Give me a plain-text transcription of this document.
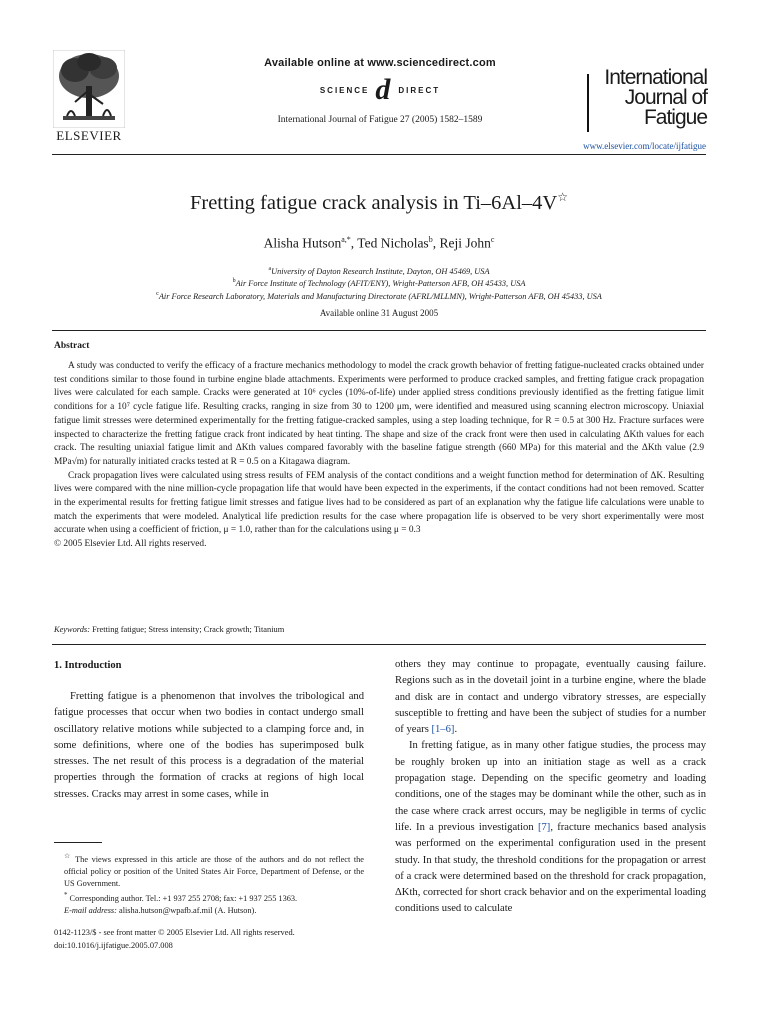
ELSEVIER
Available online at www.sciencedirect.com
SCIENCE d DIRECT
International Journal of Fatigue 27 (2005) 1582–1589
International
Journal of
Fatigue
www.elsevier.com/locate/ijfatigue
Fretting fatigue crack analysis in Ti–6Al–4V☆
Alisha Hutson$^{a,*}$, Ted Nicholas$^b$, Reji John$^c$
$^a$University of Dayton Research Institute, Dayton, OH 45469, USA
$^b$Air Force Institute of Technology (AFIT/ENY), Wright-Patterson AFB, OH 45433, USA
$^c$Air Force Research Laboratory, Materials and Manufacturing Directorate (AFRL/MLLMN), Wright-Patterson AFB, OH 45433, USA
Available online 31 August 2005
Abstract

A study was conducted to verify the efficacy of a fracture mechanics methodology to model the crack growth behavior of fretting fatigue-nucleated cracks obtained under test conditions similar to those found in turbine engine blade attachments. Experiments were performed to produce cracked samples, and fretting fatigue crack propagation lives were calculated for each sample. Cracks were generated at 10⁶ cycles (10%-of-life) under applied stress conditions previously identified as the fretting fatigue limit conditions for a 10⁷ cycle fatigue life. Resulting cracks, ranging in size from 30 to 1200 μm, were identified and measured using scanning electron microscopy. Uniaxial fatigue limit stresses were determined experimentally for the fretting fatigue-cracked samples, using a step loading technique, for R = 0.5 at 300 Hz. Fracture surfaces were inspected to characterize the fretting fatigue crack front indicated by heat tinting. The shape and size of the crack front were then used in calculating ΔKth values for each crack. The resulting uniaxial fatigue limit and ΔKth values compared favorably with the baseline fatigue strength (660 MPa) for this material and the ΔKth value (2.9 MPa√m) for naturally initiated cracks tested at R = 0.5 on a Kitagawa diagram.

Crack propagation lives were calculated using stress results of FEM analysis of the contact conditions and a weight function method for determination of ΔK. Resulting lives were compared with the nine million-cycle propagation life that would have been expected in the experiments, if the contact conditions had not been removed. Scatter in the experimental results for fretting fatigue limit stresses and fatigue lives had to be considered as part of an explanation why the fatigue life calculations were unable to match the experiments that were modeled. Analytical life prediction results for the case where propagation life is observed to be very short experimentally were most accurate when using a coefficient of friction, μ = 1.0, rather than for the calculations using μ = 0.3

© 2005 Elsevier Ltd. All rights reserved.

Keywords: Fretting fatigue; Stress intensity; Crack growth; Titanium
1. Introduction

Fretting fatigue is a phenomenon that involves the tribological and fatigue processes that occur when two bodies in contact undergo small oscillatory relative motions while subjected to a clamping force and, in some definitions, where one of the bodies has superimposed bulk stresses. The net result of this process is a degradation of the material properties through the formation of cracks at regions of high local stresses. Cracks may arrest in some cases, while in

others they may continue to propagate, eventually causing failure. Regions such as in the dovetail joint in a turbine engine, where the blade and disk are in contact and undergo vibratory stresses, are especially susceptible to fretting and have been the subject of studies for a number of years [1–6].

In fretting fatigue, as in many other fatigue studies, the process may be roughly broken up into an initiation stage as well as a crack propagation stage. Depending on the specific geometry and loading conditions, one of the stages may be dominant while the other, such as in the case where crack arrest occurs, may be negligible in terms of cyclic life. In a previous investigation [7], fracture mechanics based analysis was performed on the experimental configuration used in the present study. In that study, the threshold conditions for the propagation or arrest of a crack were determined based on the threshold for crack propagation, ΔKth, corrected for short crack behavior and on the experimental loading conditions used to calculate

☆ The views expressed in this article are those of the authors and do not reflect the official policy or position of the United States Air Force, Department of Defense, or the US Government.

* Corresponding author. Tel.: +1 937 255 2708; fax: +1 937 255 1363.

E-mail address: alisha.hutson@wpafb.af.mil (A. Hutson).

0142-1123/$ - see front matter © 2005 Elsevier Ltd. All rights reserved.
doi:10.1016/j.ijfatigue.2005.07.008
